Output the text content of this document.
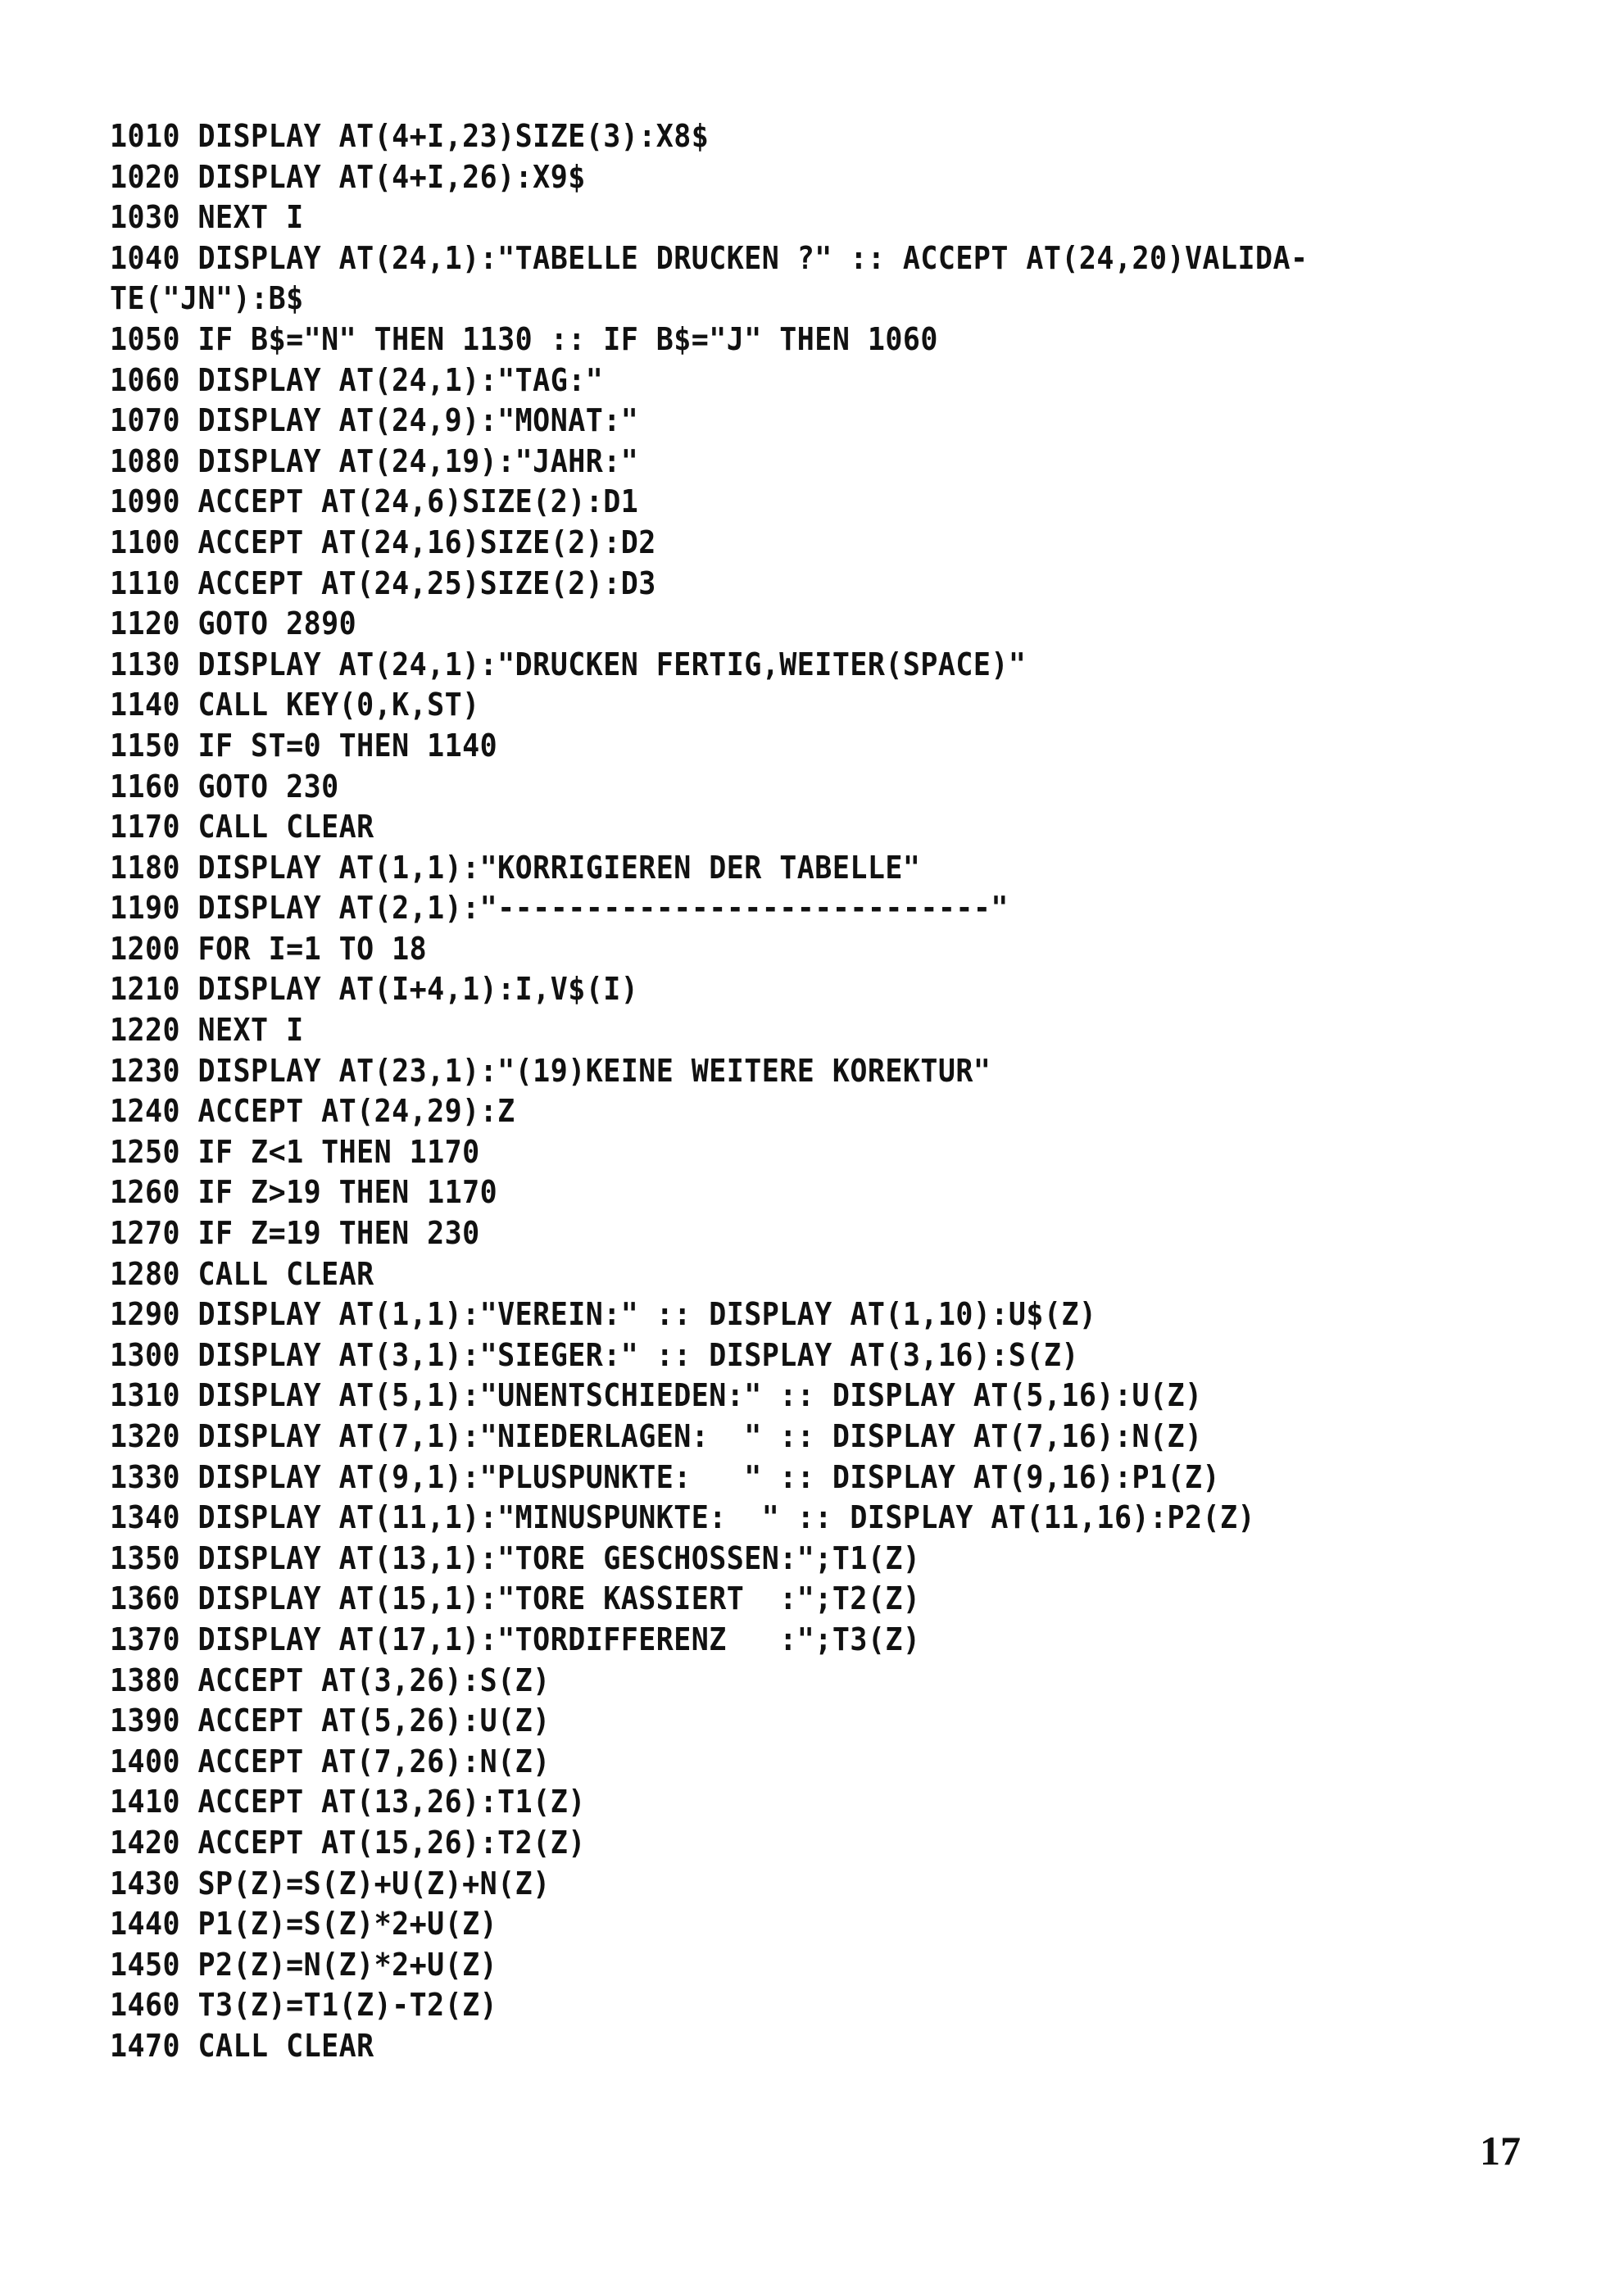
1010 DISPLAY AT(4+I,23)SIZE(3):X8$
1020 DISPLAY AT(4+I,26):X9$
1030 NEXT I
1040 DISPLAY AT(24,1):"TABELLE DRUCKEN ?" :: ACCEPT AT(24,20)VALIDA-
TE("JN"):B$
1050 IF B$="N" THEN 1130 :: IF B$="J" THEN 1060
1060 DISPLAY AT(24,1):"TAG:"
1070 DISPLAY AT(24,9):"MONAT:"
1080 DISPLAY AT(24,19):"JAHR:"
1090 ACCEPT AT(24,6)SIZE(2):D1
1100 ACCEPT AT(24,16)SIZE(2):D2
1110 ACCEPT AT(24,25)SIZE(2):D3
1120 GOTO 2890
1130 DISPLAY AT(24,1):"DRUCKEN FERTIG,WEITER(SPACE)"
1140 CALL KEY(0,K,ST)
1150 IF ST=0 THEN 1140
1160 GOTO 230
1170 CALL CLEAR
1180 DISPLAY AT(1,1):"KORRIGIEREN DER TABELLE"
1190 DISPLAY AT(2,1):"----------------------------"
1200 FOR I=1 TO 18
1210 DISPLAY AT(I+4,1):I,V$(I)
1220 NEXT I
1230 DISPLAY AT(23,1):"(19)KEINE WEITERE KOREKTUR"
1240 ACCEPT AT(24,29):Z
1250 IF Z<1 THEN 1170
1260 IF Z>19 THEN 1170
1270 IF Z=19 THEN 230
1280 CALL CLEAR
1290 DISPLAY AT(1,1):"VEREIN:" :: DISPLAY AT(1,10):U$(Z)
1300 DISPLAY AT(3,1):"SIEGER:" :: DISPLAY AT(3,16):S(Z)
1310 DISPLAY AT(5,1):"UNENTSCHIEDEN:" :: DISPLAY AT(5,16):U(Z)
1320 DISPLAY AT(7,1):"NIEDERLAGEN:  " :: DISPLAY AT(7,16):N(Z)
1330 DISPLAY AT(9,1):"PLUSPUNKTE:   " :: DISPLAY AT(9,16):P1(Z)
1340 DISPLAY AT(11,1):"MINUSPUNKTE:  " :: DISPLAY AT(11,16):P2(Z)
1350 DISPLAY AT(13,1):"TORE GESCHOSSEN:";T1(Z)
1360 DISPLAY AT(15,1):"TORE KASSIERT  :";T2(Z)
1370 DISPLAY AT(17,1):"TORDIFFERENZ   :";T3(Z)
1380 ACCEPT AT(3,26):S(Z)
1390 ACCEPT AT(5,26):U(Z)
1400 ACCEPT AT(7,26):N(Z)
1410 ACCEPT AT(13,26):T1(Z)
1420 ACCEPT AT(15,26):T2(Z)
1430 SP(Z)=S(Z)+U(Z)+N(Z)
1440 P1(Z)=S(Z)*2+U(Z)
1450 P2(Z)=N(Z)*2+U(Z)
1460 T3(Z)=T1(Z)-T2(Z)
1470 CALL CLEAR
17
